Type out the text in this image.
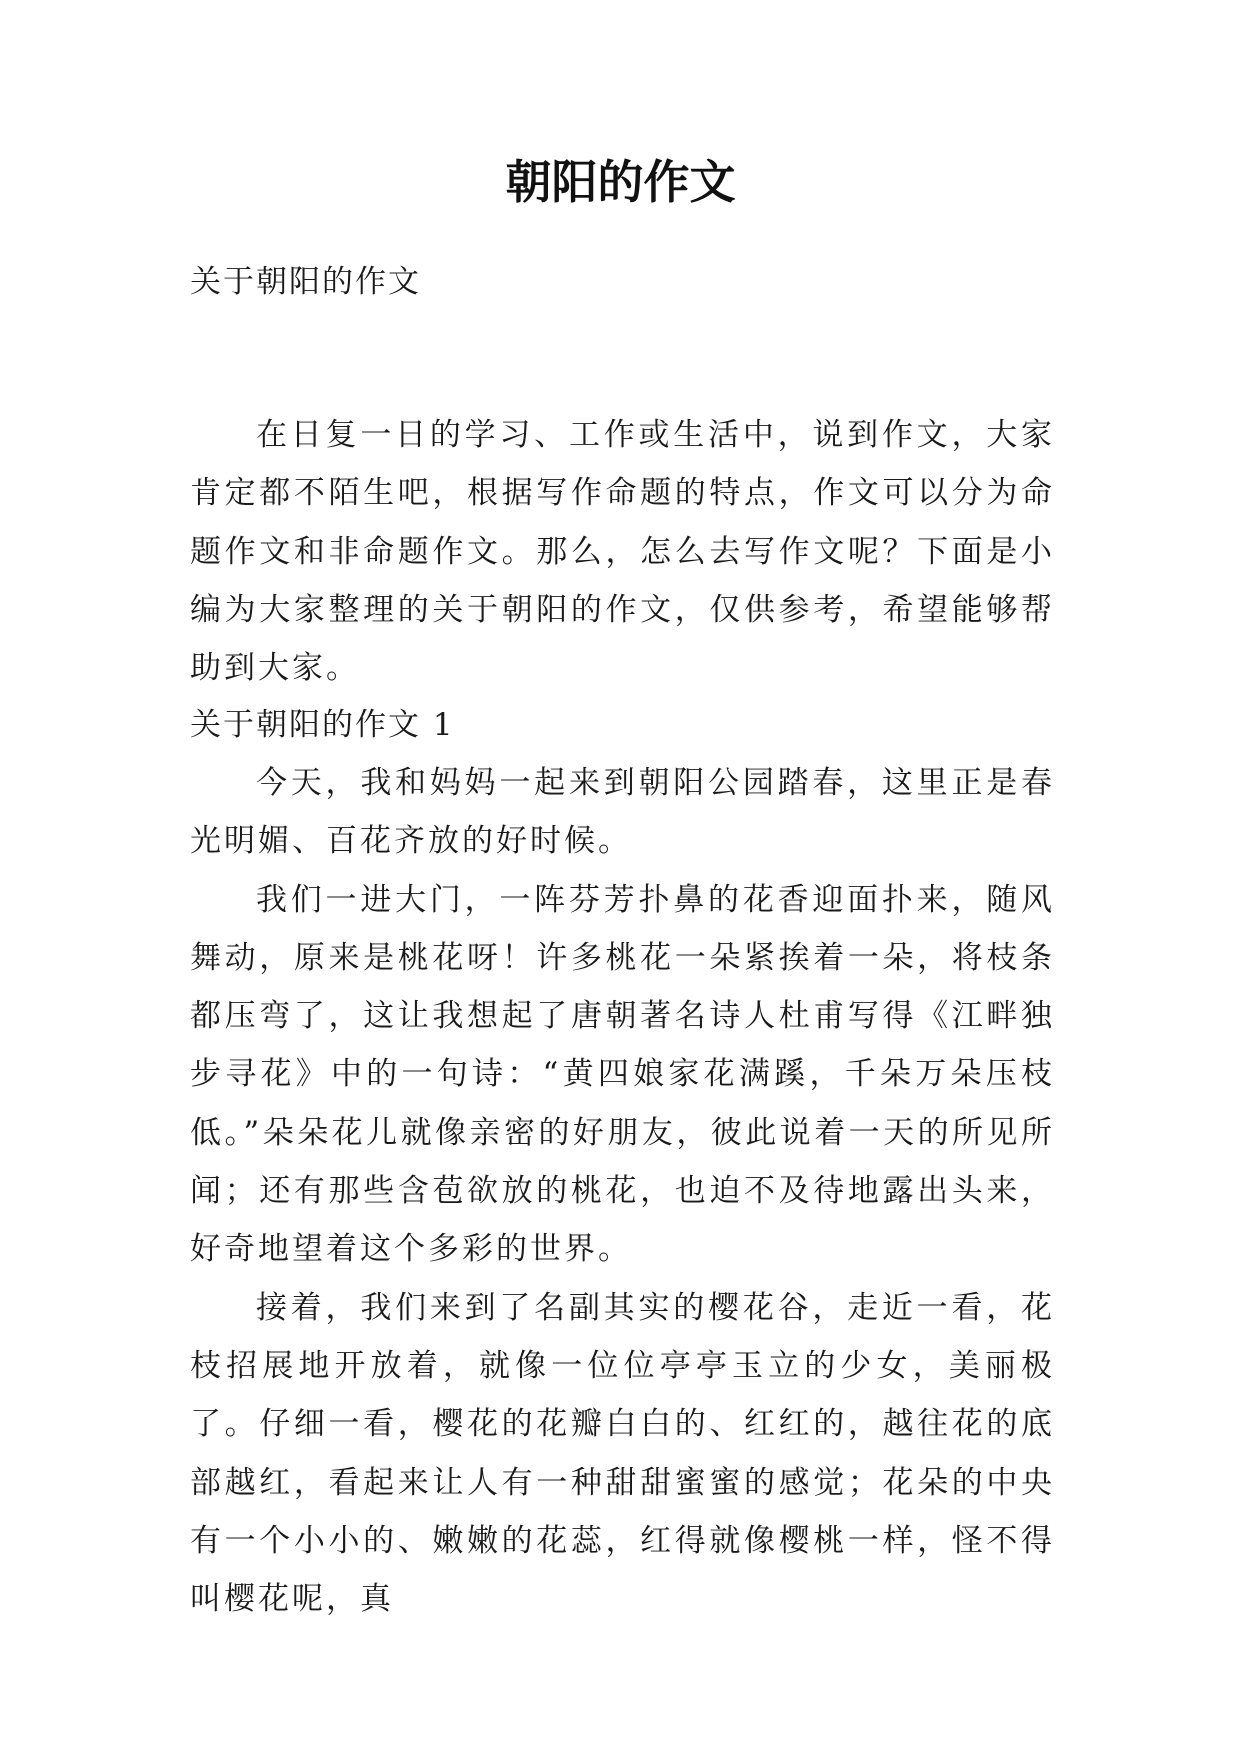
朝阳的作文
关于朝阳的作文

在日复一日的学习、工作或生活中，说到作文，大家肯定都不陌生吧，根据写作命题的特点，作文可以分为命题作文和非命题作文。那么，怎么去写作文呢？下面是小编为大家整理的关于朝阳的作文，仅供参考，希望能够帮助到大家。

关于朝阳的作文 1

今天，我和妈妈一起来到朝阳公园踏春，这里正是春光明媚、百花齐放的好时候。

我们一进大门，一阵芬芳扑鼻的花香迎面扑来，随风舞动，原来是桃花呀！许多桃花一朵紧挨着一朵，将枝条都压弯了，这让我想起了唐朝著名诗人杜甫写得《江畔独步寻花》中的一句诗：“黄四娘家花满蹊，千朵万朵压枝低。”朵朵花儿就像亲密的好朋友，彼此说着一天的所见所闻；还有那些含苞欲放的桃花，也迫不及待地露出头来，好奇地望着这个多彩的世界。

接着，我们来到了名副其实的樱花谷，走近一看，花枝招展地开放着，就像一位位亭亭玉立的少女，美丽极了。仔细一看，樱花的花瓣白白的、红红的，越往花的底部越红，看起来让人有一种甜甜蜜蜜的感觉；花朵的中央有一个小小的、嫩嫩的花蕊，红得就像樱桃一样，怪不得叫樱花呢，真
